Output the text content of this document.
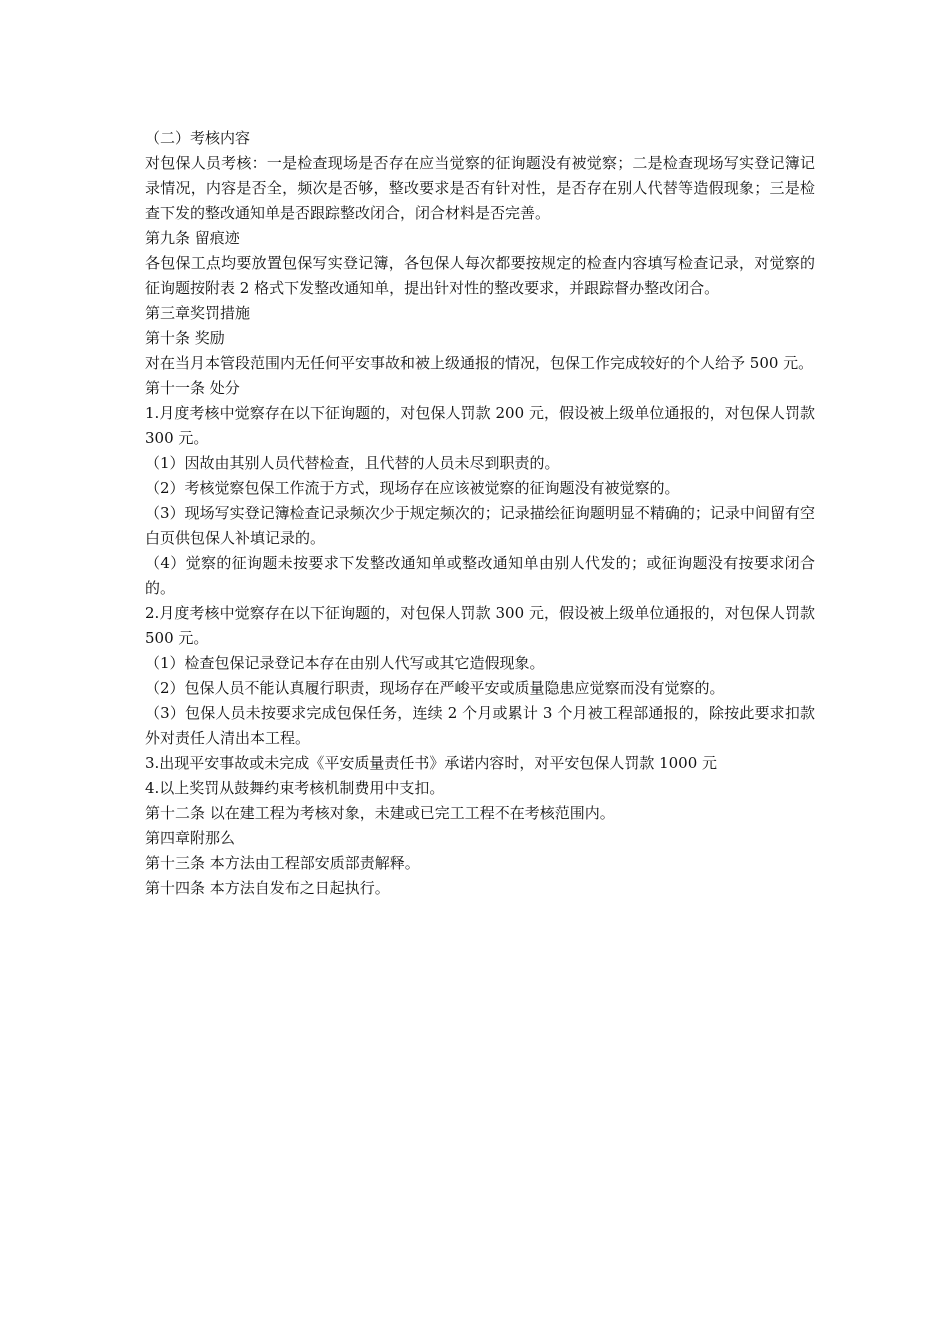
（二）考核内容

对包保人员考核：一是检查现场是否存在应当觉察的征询题没有被觉察；二是检查现场写实登记簿记录情况，内容是否全，频次是否够，整改要求是否有针对性，是否存在别人代替等造假现象；三是检查下发的整改通知单是否跟踪整改闭合，闭合材料是否完善。

第九条 留痕迹

各包保工点均要放置包保写实登记簿，各包保人每次都要按规定的检查内容填写检查记录，对觉察的征询题按附表 2 格式下发整改通知单，提出针对性的整改要求，并跟踪督办整改闭合。

第三章奖罚措施

第十条 奖励

对在当月本管段范围内无任何平安事故和被上级通报的情况，包保工作完成较好的个人给予 500 元。

第十一条 处分

1.月度考核中觉察存在以下征询题的，对包保人罚款 200 元，假设被上级单位通报的，对包保人罚款 300 元。

（1）因故由其别人员代替检查，且代替的人员未尽到职责的。

（2）考核觉察包保工作流于方式，现场存在应该被觉察的征询题没有被觉察的。

（3）现场写实登记簿检查记录频次少于规定频次的；记录描绘征询题明显不精确的；记录中间留有空白页供包保人补填记录的。

（4）觉察的征询题未按要求下发整改通知单或整改通知单由别人代发的；或征询题没有按要求闭合的。

2.月度考核中觉察存在以下征询题的，对包保人罚款 300 元，假设被上级单位通报的，对包保人罚款 500 元。

（1）检查包保记录登记本存在由别人代写或其它造假现象。

（2）包保人员不能认真履行职责，现场存在严峻平安或质量隐患应觉察而没有觉察的。

（3）包保人员未按要求完成包保任务，连续 2 个月或累计 3 个月被工程部通报的，除按此要求扣款外对责任人清出本工程。

3.出现平安事故或未完成《平安质量责任书》承诺内容时，对平安包保人罚款 1000 元

4.以上奖罚从鼓舞约束考核机制费用中支扣。

第十二条 以在建工程为考核对象，未建或已完工工程不在考核范围内。

第四章附那么

第十三条 本方法由工程部安质部责解释。

第十四条 本方法自发布之日起执行。
